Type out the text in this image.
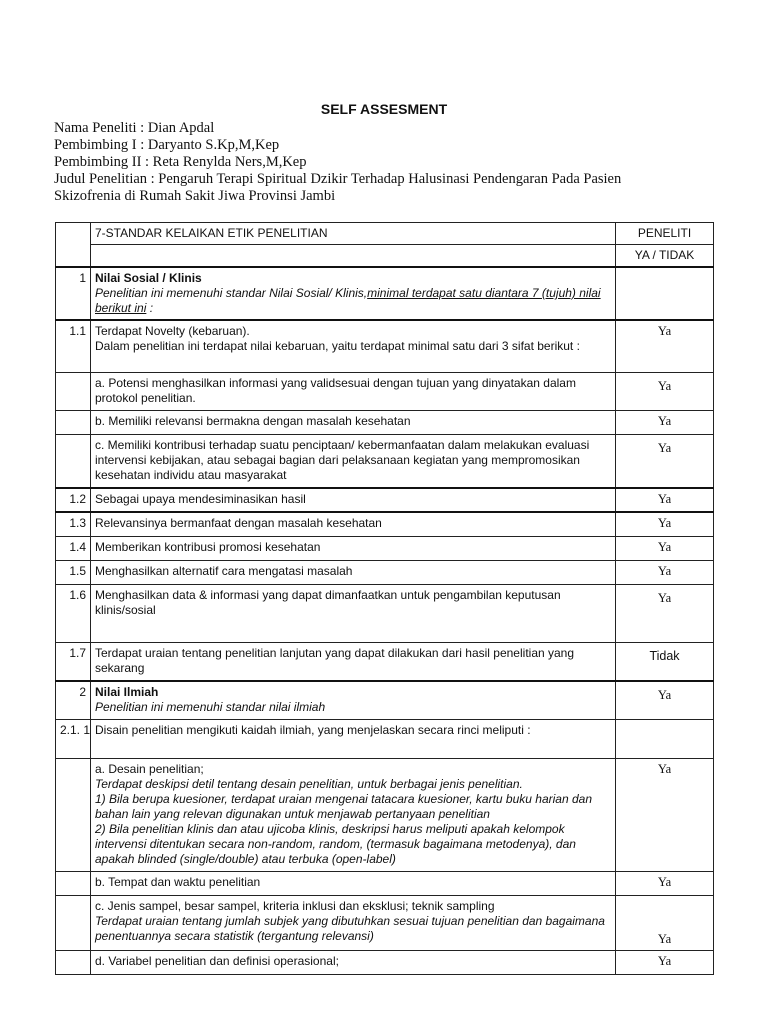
SELF ASSESMENT
Nama Peneliti : Dian Apdal
Pembimbing I : Daryanto S.Kp,M,Kep
Pembimbing II : Reta Renylda Ners,M,Kep
Judul Penelitian : Pengaruh Terapi Spiritual Dzikir Terhadap Halusinasi Pendengaran Pada Pasien
Skizofrenia di Rumah Sakit Jiwa Provinsi Jambi
	7-STANDAR KELAIKAN ETIK PENELITIAN	PENELITI
		YA / TIDAK
1	Nilai Sosial / Klinis
Penelitian ini memenuhi standar Nilai Sosial/ Klinis,minimal terdapat satu diantara 7 (tujuh) nilai berikut ini :	

1.1	Terdapat Novelty (kebaruan).
Dalam penelitian ini terdapat nilai kebaruan, yaitu terdapat minimal satu dari 3 sifat berikut :	Ya
	a. Potensi menghasilkan informasi yang validsesuai dengan tujuan yang dinyatakan dalam protokol penelitian.	Ya
	b. Memiliki relevansi bermakna dengan masalah kesehatan	Ya
	c. Memiliki kontribusi terhadap suatu penciptaan/ kebermanfaatan dalam melakukan evaluasi intervensi kebijakan, atau sebagai bagian dari pelaksanaan kegiatan yang mempromosikan kesehatan individu atau masyarakat	Ya
1.2	Sebagai upaya mendesiminasikan hasil	Ya
1.3	Relevansinya bermanfaat dengan masalah kesehatan	Ya
1.4	Memberikan kontribusi promosi kesehatan	Ya
1.5	Menghasilkan alternatif cara mengatasi masalah	Ya
1.6	Menghasilkan data & informasi yang dapat dimanfaatkan untuk pengambilan keputusan klinis/sosial	Ya
1.7	Terdapat uraian tentang penelitian lanjutan yang dapat dilakukan dari hasil penelitian yang sekarang	Tidak
2	Nilai Ilmiah
Penelitian ini memenuhi standar nilai ilmiah	Ya
2.1. 1	Disain penelitian mengikuti kaidah ilmiah, yang menjelaskan secara rinci meliputi :	

	a. Desain penelitian;
Terdapat deskipsi detil tentang desain penelitian, untuk berbagai jenis penelitian.
1) Bila berupa kuesioner, terdapat uraian mengenai tatacara kuesioner, kartu buku harian dan bahan lain yang relevan digunakan untuk menjawab pertanyaan penelitian
2) Bila penelitian klinis dan atau ujicoba klinis, deskripsi harus meliputi apakah kelompok intervensi ditentukan secara non-random, random, (termasuk bagaimana metodenya), dan apakah blinded (single/double) atau terbuka (open-label)	Ya
	b. Tempat dan waktu penelitian	Ya

	c. Jenis sampel, besar sampel, kriteria inklusi dan eksklusi; teknik sampling
Terdapat uraian tentang jumlah subjek yang dibutuhkan sesuai tujuan penelitian dan bagaimana penentuannya secara statistik (tergantung relevansi)	Ya
	d. Variabel penelitian dan definisi operasional;	Ya
